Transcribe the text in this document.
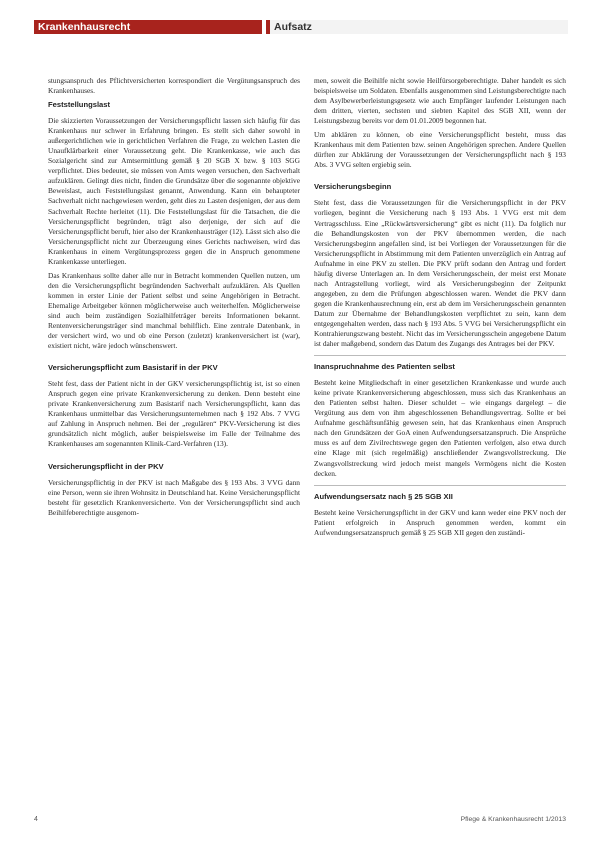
Krankenhausrecht	Aufsatz

stungsanspruch des Pflichtversicherten korrespondiert die Vergütungsanspruch des Krankenhauses.

Feststellungslast

Die skizzierten Voraussetzungen der Versicherungspflicht lassen sich häufig für das Krankenhaus nur schwer in Erfahrung bringen. Es stellt sich daher sowohl in außergerichtlichen wie in gerichtlichen Verfahren die Frage, zu welchen Lasten die Unaufklärbarkeit einer Voraussetzung geht. Die Krankenkasse, wie auch das Sozialgericht sind zur Amtsermittlung gemäß § 20 SGB X bzw. § 103 SGG verpflichtet. Dies bedeutet, sie müssen von Amts wegen versuchen, den Sachverhalt aufzuklären. Gelingt dies nicht, finden die Grundsätze über die sogenannte objektive Beweislast, auch Feststellungslast genannt, Anwendung. Kann ein behaupteter Sachverhalt nicht nachgewiesen werden, geht dies zu Lasten desjenigen, der aus dem Sachverhalt Rechte herleitet (11). Die Feststellungslast für die Tatsachen, die die Versicherungspflicht begründen, trägt also derjenige, der sich auf die Versicherungspflicht beruft, hier also der Krankenhausträger (12). Lässt sich also die Versicherungspflicht nicht zur Überzeugung eines Gerichts nachweisen, wird das Krankenhaus in einem Vergütungsprozess gegen die in Anspruch genommene Krankenkasse unterliegen.

Das Krankenhaus sollte daher alle nur in Betracht kommenden Quellen nutzen, um den die Versicherungspflicht begründenden Sachverhalt aufzuklären. Als Quellen kommen in erster Linie der Patient selbst und seine Angehörigen in Betracht. Ehemalige Arbeitgeber können möglicherweise auch weiterhelfen. Möglicherweise sind auch beim zuständigen Sozialhilfeträger bereits Informationen bekannt. Rentenversicherungsträger sind manchmal behilflich. Eine zentrale Datenbank, in der versichert wird, wo und ob eine Person (zuletzt) krankenversichert ist (war), existiert nicht, wäre jedoch wünschenswert.

Versicherungspflicht zum Basistarif in der PKV

Steht fest, dass der Patient nicht in der GKV versicherungspflichtig ist, ist so einen Anspruch gegen eine private Krankenversicherung zu denken. Denn besteht eine private Krankenversicherung zum Basistarif nach Versicherungspflicht, kann das Krankenhaus unmittelbar das Versicherungsunternehmen nach § 192 Abs. 7 VVG auf Zahlung in Anspruch nehmen. Bei der „regulären“ PKV-Versicherung ist dies grundsätzlich nicht möglich, außer beispielsweise im Falle der Teilnahme des Krankenhauses am sogenannten Klinik-Card-Verfahren (13).

Versicherungspflicht in der PKV

Versicherungspflichtig in der PKV ist nach Maßgabe des § 193 Abs. 3 VVG dann eine Person, wenn sie ihren Wohnsitz in Deutschland hat. Keine Versicherungspflicht besteht für gesetzlich Krankenversicherte. Von der Versicherungspflicht sind auch Beihilfeberechtigte ausgenom-

men, soweit die Beihilfe nicht sowie Heilfürsorgeberechtigte. Daher handelt es sich beispielsweise um Soldaten. Ebenfalls ausgenommen sind Leistungsberechtigte nach dem Asylbewerberleistungsgesetz wie auch Empfänger laufender Leistungen nach dem dritten, vierten, sechsten und siebten Kapitel des SGB XII, wenn der Leistungsbezug bereits vor dem 01.01.2009 begonnen hat.

Um abklären zu können, ob eine Versicherungspflicht besteht, muss das Krankenhaus mit dem Patienten bzw. seinen Angehörigen sprechen. Andere Quellen dürften zur Abklärung der Voraussetzungen der Versicherungspflicht nach § 193 Abs. 3 VVG selten ergiebig sein.

Versicherungsbeginn

Steht fest, dass die Voraussetzungen für die Versicherungspflicht in der PKV vorliegen, beginnt die Versicherung nach § 193 Abs. 1 VVG erst mit dem Vertragsschluss. Eine „Rückwärtsversicherung“ gibt es nicht (11). Da folglich nur die Behandlungskosten von der PKV übernommen werden, die nach Versicherungsbeginn angefallen sind, ist bei Vorliegen der Voraussetzungen für die Versicherungspflicht in Abstimmung mit dem Patienten unverzüglich ein Antrag auf Aufnahme in eine PKV zu stellen. Die PKV prüft sodann den Antrag und fordert häufig diverse Unterlagen an. In dem Versicherungsschein, der meist erst Monate nach Antragstellung vorliegt, wird als Versicherungsbeginn der Zeitpunkt angegeben, zu dem die Prüfungen abgeschlossen waren. Wendet die PKV dann gegen die Krankenhausrechnung ein, erst ab dem im Versicherungsschein genannten Datum zur Übernahme der Behandlungskosten verpflichtet zu sein, kann dem entgegengehalten werden, dass nach § 193 Abs. 5 VVG bei Versicherungspflicht ein Kontrahierungszwang besteht. Nicht das im Versicherungsschein angegebene Datum ist daher maßgebend, sondern das Datum des Zugangs des Antrages bei der PKV.

Inanspruchnahme des Patienten selbst

Besteht keine Mitgliedschaft in einer gesetzlichen Krankenkasse und wurde auch keine private Krankenversicherung abgeschlossen, muss sich das Krankenhaus an den Patienten selbst halten. Dieser schuldet – wie eingangs dargelegt – die Vergütung aus dem von ihm abgeschlossenen Behandlungsvertrag. Sollte er bei Aufnahme geschäftsunfähig gewesen sein, hat das Krankenhaus einen Anspruch nach den Grundsätzen der GoA einen Aufwendungsersatzanspruch. Die Ansprüche muss es auf dem Zivilrechtswege gegen den Patienten verfolgen, also etwa durch eine Klage mit (sich regelmäßig) anschließender Zwangsvollstreckung. Die Zwangsvollstreckung wird jedoch meist mangels Vermögens nicht die Kosten decken.

Aufwendungsersatz nach § 25 SGB XII

Besteht keine Versicherungspflicht in der GKV und kann weder eine PKV noch der Patient erfolgreich in Anspruch genommen werden, kommt ein Aufwendungsersatzanspruch gemäß § 25 SGB XII gegen den zuständi-

4	Pflege & Krankenhausrecht 1/2013
